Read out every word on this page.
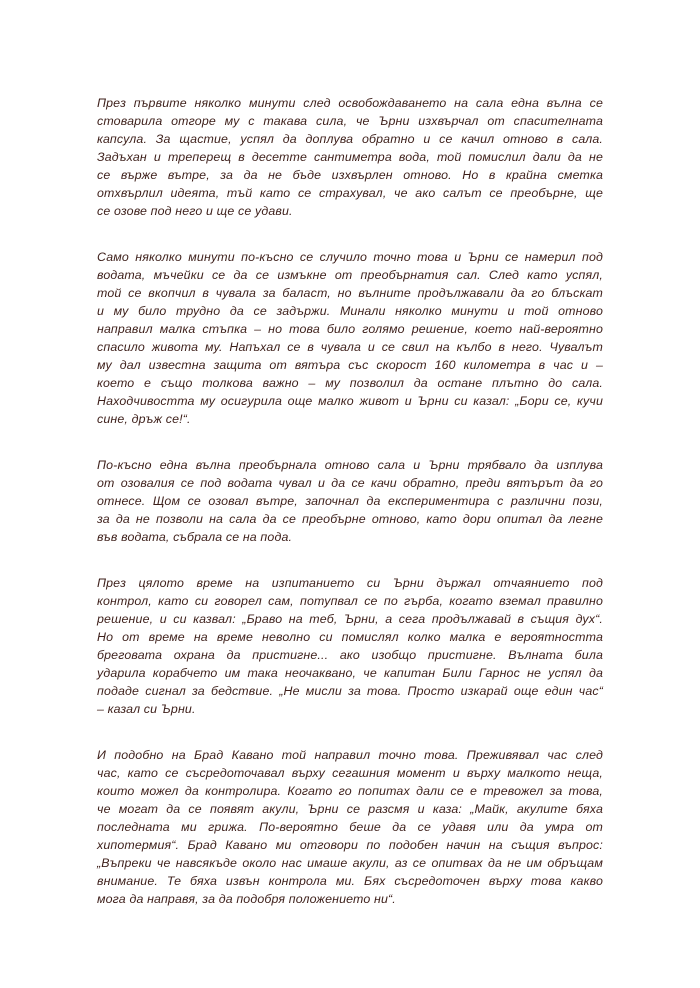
През първите няколко минути след освобождаването на сала една вълна се
стоварила отгоре му с такава сила, че Ърни изхвърчал от спасителната
капсула. За щастие, успял да доплува обратно и се качил отново в сала.
Задъхан и треперещ в десетте сантиметра вода, той помислил дали да не
се върже вътре, за да не бъде изхвърлен отново. Но в крайна сметка
отхвърлил идеята, тъй като се страхувал, че ако салът се преобърне, ще
се озове под него и ще се удави.

Само няколко минути по-късно се случило точно това и Ърни се намерил под
водата, мъчейки се да се измъкне от преобърнатия сал. След като успял,
той се вкопчил в чувала за баласт, но вълните продължавали да го блъскат
и му било трудно да се задържи. Минали няколко минути и той отново
направил малка стъпка – но това било голямо решение, което най-вероятно
спасило живота му. Напъхал се в чувала и се свил на кълбо в него. Чувалът
му дал известна защита от вятъра със скорост 160 километра в час и –
което е също толкова важно – му позволил да остане плътно до сала.
Находчивостта му осигурила още малко живот и Ърни си казал: „Бори се, кучи
сине, дръж се!“.

По-късно една вълна преобърнала отново сала и Ърни трябвало да изплува
от озовалия се под водата чувал и да се качи обратно, преди вятърът да го
отнесе. Щом се озовал вътре, започнал да експериментира с различни пози,
за да не позволи на сала да се преобърне отново, като дори опитал да легне
във водата, събрала се на пода.

През цялото време на изпитанието си Ърни държал отчаянието под
контрол, като си говорел сам, потупвал се по гърба, когато вземал правилно
решение, и си казвал: „Браво на теб, Ърни, а сега продължавай в същия дух“.
Но от време на време неволно си помислял колко малка е вероятността
бреговата охрана да пристигне... ако изобщо пристигне. Вълната била
ударила корабчето им така неочаквано, че капитан Били Гарнос не успял да
подаде сигнал за бедствие. „Не мисли за това. Просто изкарай още един час“
– казал си Ърни.

И подобно на Брад Кавано той направил точно това. Преживявал час след
час, като се съсредоточавал върху сегашния момент и върху малкото неща,
които можел да контролира. Когато го попитах дали се е тревожел за това,
че могат да се появят акули, Ърни се разсмя и каза: „Майк, акулите бяха
последната ми грижа. По-вероятно беше да се удавя или да умра от
хипотермия“. Брад Кавано ми отговори по подобен начин на същия въпрос:
„Въпреки че навсякъде около нас имаше акули, аз се опитвах да не им обръщам
внимание. Те бяха извън контрола ми. Бях съсредоточен върху това какво
мога да направя, за да подобря положението ни“.
